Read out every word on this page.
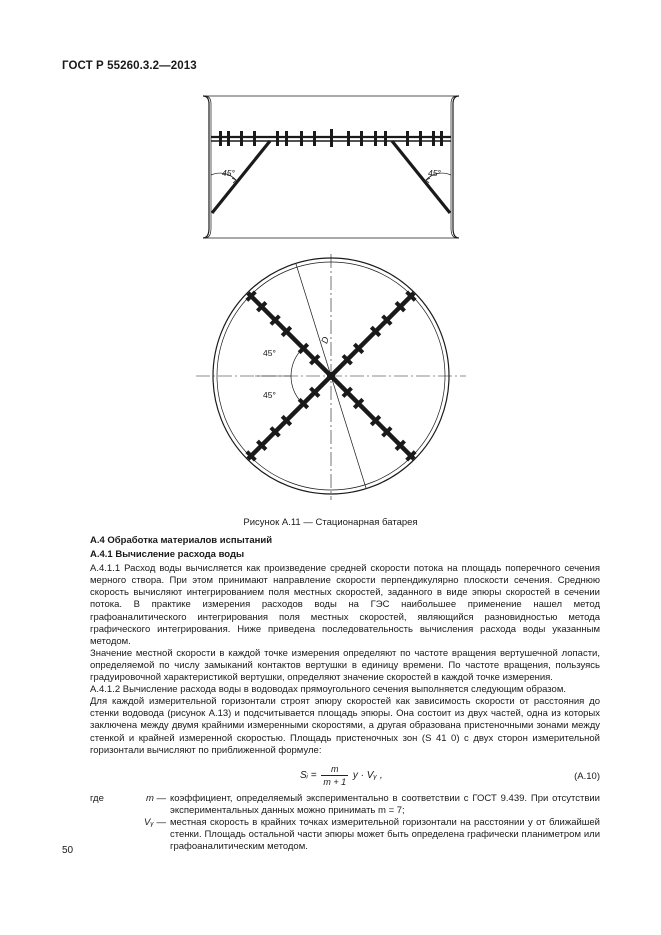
ГОСТ Р 55260.3.2—2013
45°	45°
45°
45°
D
Рисунок А.11 — Стационарная батарея

А.4 Обработка материалов испытаний

А.4.1 Вычисление расхода воды

А.4.1.1 Расход воды вычисляется как произведение средней скорости потока на площадь поперечного сечения мерного створа. При этом принимают направление скорости перпендикулярно плоскости сечения. Среднюю скорость вычисляют интегрированием поля местных скоростей, заданного в виде эпюры скоростей в сечении потока. В практике измерения расходов воды на ГЭС наибольшее применение нашел метод графоаналитического интегрирования поля местных скоростей, являющийся разновидностью метода графического интегрирования. Ниже приведена последовательность вычисления расхода воды указанным методом.

Значение местной скорости в каждой точке измерения определяют по частоте вращения вертушечной лопасти, определяемой по числу замыканий контактов вертушки в единицу времени. По частоте вращения, пользуясь градуировочной характеристикой вертушки, определяют значение скоростей в каждой точке измерения.

А.4.1.2 Вычисление расхода воды в водоводах прямоугольного сечения выполняется следующим образом.

Для каждой измерительной горизонтали строят эпюру скоростей как зависимость скорости от расстояния до стенки водовода (рисунок А.13) и подсчитывается площадь эпюры. Она состоит из двух частей, одна из которых заключена между двумя крайними измеренными скоростями, а другая образована пристеночными зонами между стенкой и крайней измеренной скоростью. Площадь пристеночных зон (S 41 0) с двух сторон измерительной горизонтали вычисляют по приближенной формуле:

Sᵢ = $\frac{m}{m + 1}$ y · Vᵧ ,	(А.10)
где	m — коэффициент, определяемый экспериментально в соответствии с ГОСТ 9.439. При отсутствии экспериментальных данных можно принимать m = 7;
Vᵧ — местная скорость в крайних точках измерительной горизонтали на расстоянии y от ближайшей стенки. Площадь остальной части эпюры может быть определена графически планиметром или графоаналитическим методом.
50
